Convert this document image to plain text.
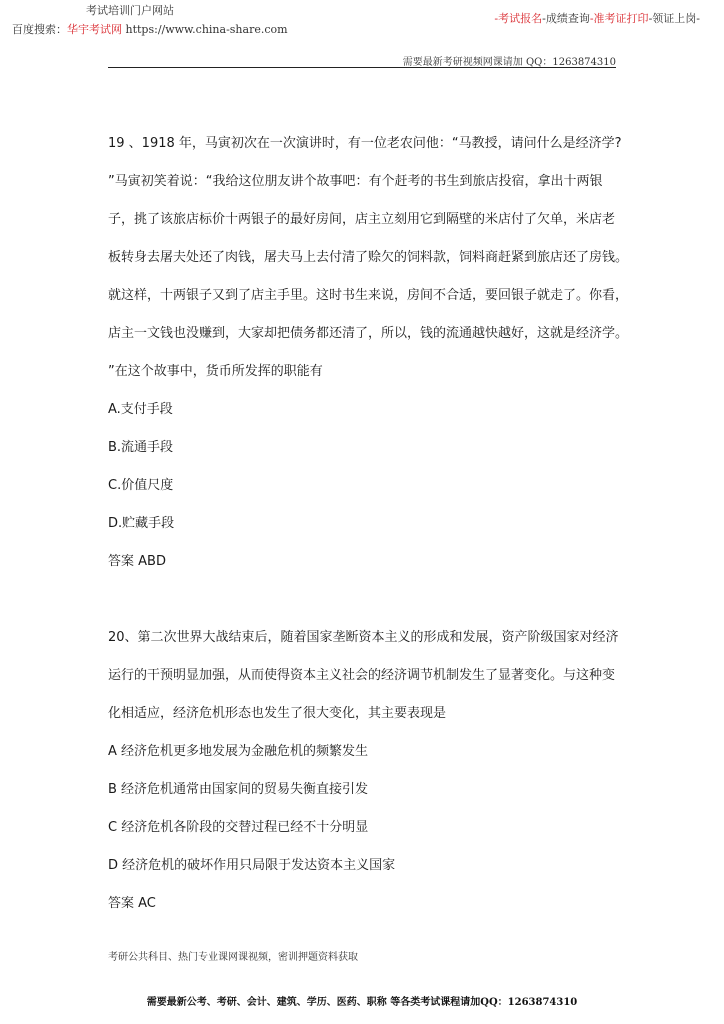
考试培训门户网站
百度搜索：华宇考试网 https://www.china-share.com
-考试报名-成绩查询-准考证打印-领证上岗-
需要最新考研视频网课请加 QQ：1263874310
19 、1918 年，马寅初次在一次演讲时，有一位老农问他：“马教授，请问什么是经济学?
”马寅初笑着说：“我给这位朋友讲个故事吧：有个赶考的书生到旅店投宿，拿出十两银
子，挑了该旅店标价十两银子的最好房间，店主立刻用它到隔壁的米店付了欠单，米店老
板转身去屠夫处还了肉钱，屠夫马上去付清了赊欠的饲料款，饲料商赶紧到旅店还了房钱。
就这样，十两银子又到了店主手里。这时书生来说，房间不合适，要回银子就走了。你看，
店主一文钱也没赚到，大家却把债务都还清了，所以，钱的流通越快越好，这就是经济学。
”在这个故事中，货币所发挥的职能有
A.支付手段
B.流通手段
C.价值尺度
D.贮藏手段
答案 ABD
20、第二次世界大战结束后，随着国家垄断资本主义的形成和发展，资产阶级国家对经济
运行的干预明显加强，从而使得资本主义社会的经济调节机制发生了显著变化。与这种变
化相适应，经济危机形态也发生了很大变化，其主要表现是
A 经济危机更多地发展为金融危机的频繁发生
B 经济危机通常由国家间的贸易失衡直接引发
C 经济危机各阶段的交替过程已经不十分明显
D 经济危机的破坏作用只局限于发达资本主义国家
答案 AC
考研公共科目、热门专业课网课视频，密训押题资料获取
需要最新公考、考研、会计、建筑、学历、医药、职称 等各类考试课程请加QQ：1263874310
